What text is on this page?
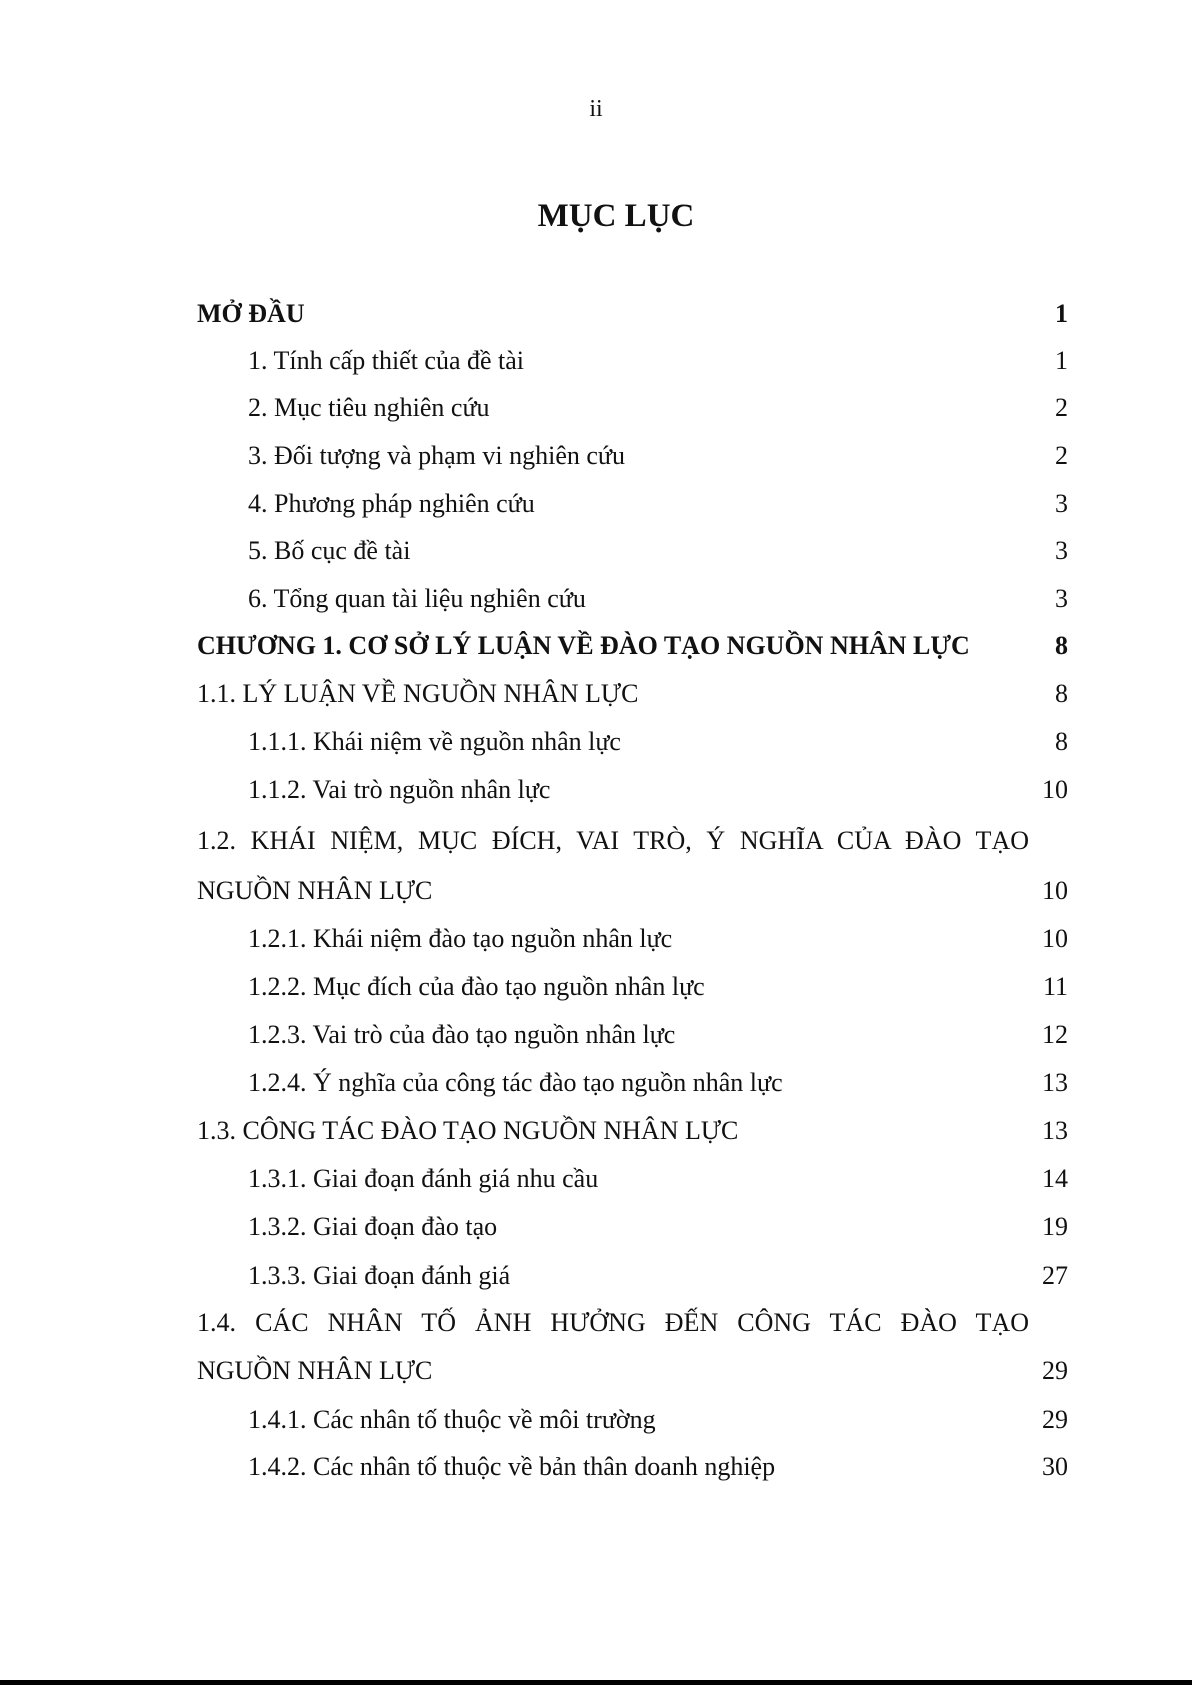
ii
MỤC LỤC
MỞ ĐẦU	1
1. Tính cấp thiết của đề tài	1
2. Mục tiêu nghiên cứu	2
3. Đối tượng và phạm vi nghiên cứu	2
4. Phương pháp nghiên cứu	3
5. Bố cục đề tài	3
6. Tổng quan tài liệu nghiên cứu	3
CHƯƠNG 1. CƠ SỞ LÝ LUẬN VỀ ĐÀO TẠO NGUỒN NHÂN LỰC	8
1.1. LÝ LUẬN VỀ NGUỒN NHÂN LỰC	8
1.1.1. Khái niệm về nguồn nhân lực	8
1.1.2. Vai trò nguồn nhân lực	10
1.2. KHÁI NIỆM, MỤC ĐÍCH, VAI TRÒ, Ý NGHĨA CỦA ĐÀO TẠO
NGUỒN NHÂN LỰC	10
1.2.1. Khái niệm đào tạo nguồn nhân lực	10
1.2.2. Mục đích của đào tạo nguồn nhân lực	11
1.2.3. Vai trò của đào tạo nguồn nhân lực	12
1.2.4. Ý nghĩa của công tác đào tạo nguồn nhân lực	13
1.3. CÔNG TÁC ĐÀO TẠO NGUỒN NHÂN LỰC	13
1.3.1. Giai đoạn đánh giá nhu cầu	14
1.3.2. Giai đoạn đào tạo	19
1.3.3. Giai đoạn đánh giá	27
1.4. CÁC NHÂN TỐ ẢNH HƯỞNG ĐẾN CÔNG TÁC ĐÀO TẠO
NGUỒN NHÂN LỰC	29
1.4.1. Các nhân tố thuộc về môi trường	29
1.4.2. Các nhân tố thuộc về bản thân doanh nghiệp	30
